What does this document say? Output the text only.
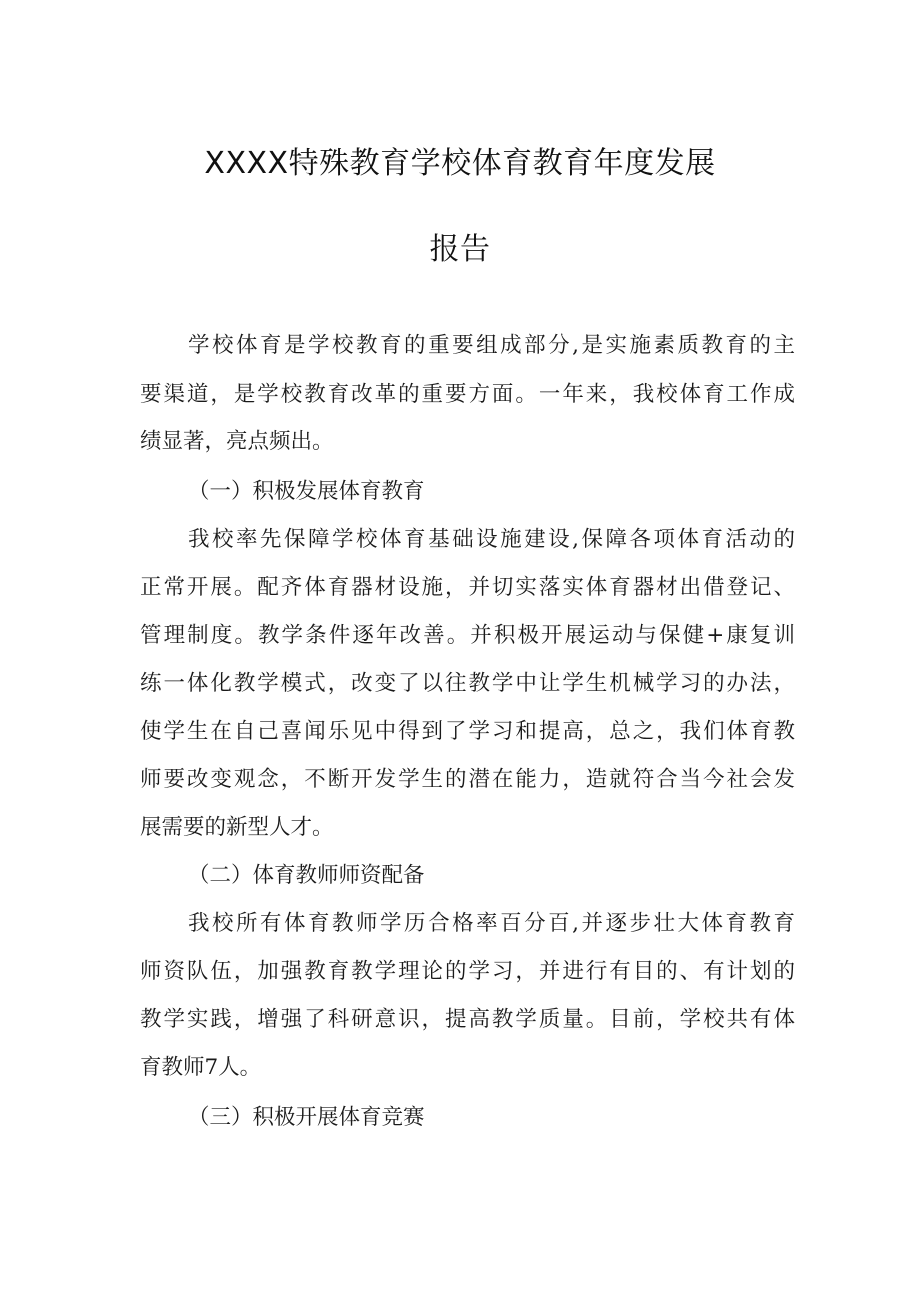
XXXX特殊教育学校体育教育年度发展
报告
学校体育是学校教育的重要组成部分,是实施素质教育的主
要渠道，是学校教育改革的重要方面。一年来，我校体育工作成
绩显著，亮点频出。
（一）积极发展体育教育
我校率先保障学校体育基础设施建设,保障各项体育活动的
正常开展。配齐体育器材设施，并切实落实体育器材出借登记、
管理制度。教学条件逐年改善。并积极开展运动与保健+康复训
练一体化教学模式，改变了以往教学中让学生机械学习的办法，
使学生在自己喜闻乐见中得到了学习和提高，总之，我们体育教
师要改变观念，不断开发学生的潜在能力，造就符合当今社会发
展需要的新型人才。
（二）体育教师师资配备
我校所有体育教师学历合格率百分百,并逐步壮大体育教育
师资队伍，加强教育教学理论的学习，并进行有目的、有计划的
教学实践，增强了科研意识，提高教学质量。目前，学校共有体
育教师7人。
（三）积极开展体育竞赛
